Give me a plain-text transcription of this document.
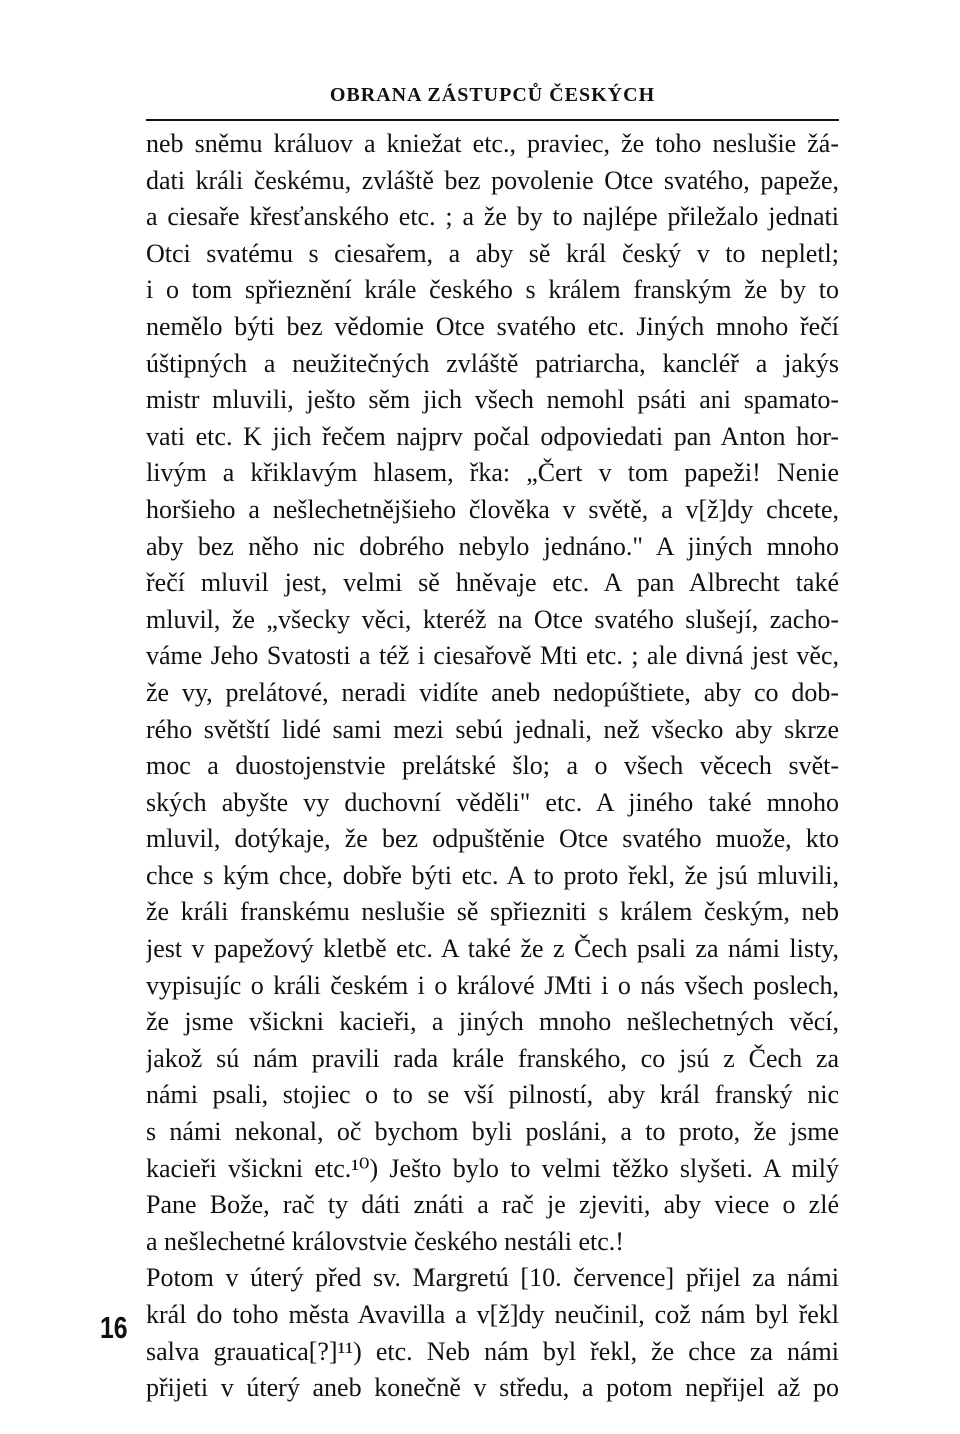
OBRANA ZÁSTUPCŮ ČESKÝCH
neb sněmu králuov a kniežat etc., praviec, že toho neslušie žá-
dati králi českému, zvláště bez povolenie Otce svatého, papeže,
a ciesaře křesťanského etc. ; a že by to najlépe přiležalo jednati
Otci svatému s ciesařem, a aby sě král český v to nepletl;
i o tom spřieznění krále českého s králem franským že by to
nemělo býti bez vědomie Otce svatého etc. Jiných mnoho řečí
úštipných a neužitečných zvláště patriarcha, kancléř a jakýs
mistr mluvili, ješto sěm jich všech nemohl psáti ani spamato-
vati etc. K jich řečem najprv počal odpoviedati pan Anton hor-
livým a křiklavým hlasem, řka: „Čert v tom papeži! Nenie
horšieho a nešlechetnějšieho člověka v světě, a v[ž]dy chcete,
aby bez něho nic dobrého nebylo jednáno." A jiných mnoho
řečí mluvil jest, velmi sě hněvaje etc. A pan Albrecht také
mluvil, že „všecky věci, kteréž na Otce svatého slušejí, zacho-
váme Jeho Svatosti a též i ciesařově Mti etc. ; ale divná jest věc,
že vy, prelátové, neradi vidíte aneb nedopúštiete, aby co dob-
rého světští lidé sami mezi sebú jednali, než všecko aby skrze
moc a duostojenstvie prelátské šlo; a o všech věcech svět-
ských abyšte vy duchovní věděli" etc. A jiného také mnoho
mluvil, dotýkaje, že bez odpuštěnie Otce svatého muože, kto
chce s kým chce, dobře býti etc. A to proto řekl, že jsú mluvili,
že králi franskému neslušie sě spřiezniti s králem českým, neb
jest v papežový kletbě etc. A také že z Čech psali za námi listy,
vypisujíc o králi českém i o králové JMti i o nás všech poslech,
že jsme všickni kacieři, a jiných mnoho nešlechetných věcí,
jakož sú nám pravili rada krále franského, co jsú z Čech za
námi psali, stojiec o to se vší pilností, aby král franský nic
s námi nekonal, oč bychom byli posláni, a to proto, že jsme
kacieři všickni etc.¹⁰) Ješto bylo to velmi těžko slyšeti. A milý
Pane Bože, rač ty dáti znáti a rač je zjeviti, aby viece o zlé
a nešlechetné královstvie českého nestáli etc.!
Potom v úterý před sv. Margretú [10. července] přijel za námi
král do toho města Avavilla a v[ž]dy neučinil, což nám byl řekl
salva grauatica[?]¹¹) etc. Neb nám byl řekl, že chce za námi
přijeti v úterý aneb konečně v středu, a potom nepřijel až po
16
